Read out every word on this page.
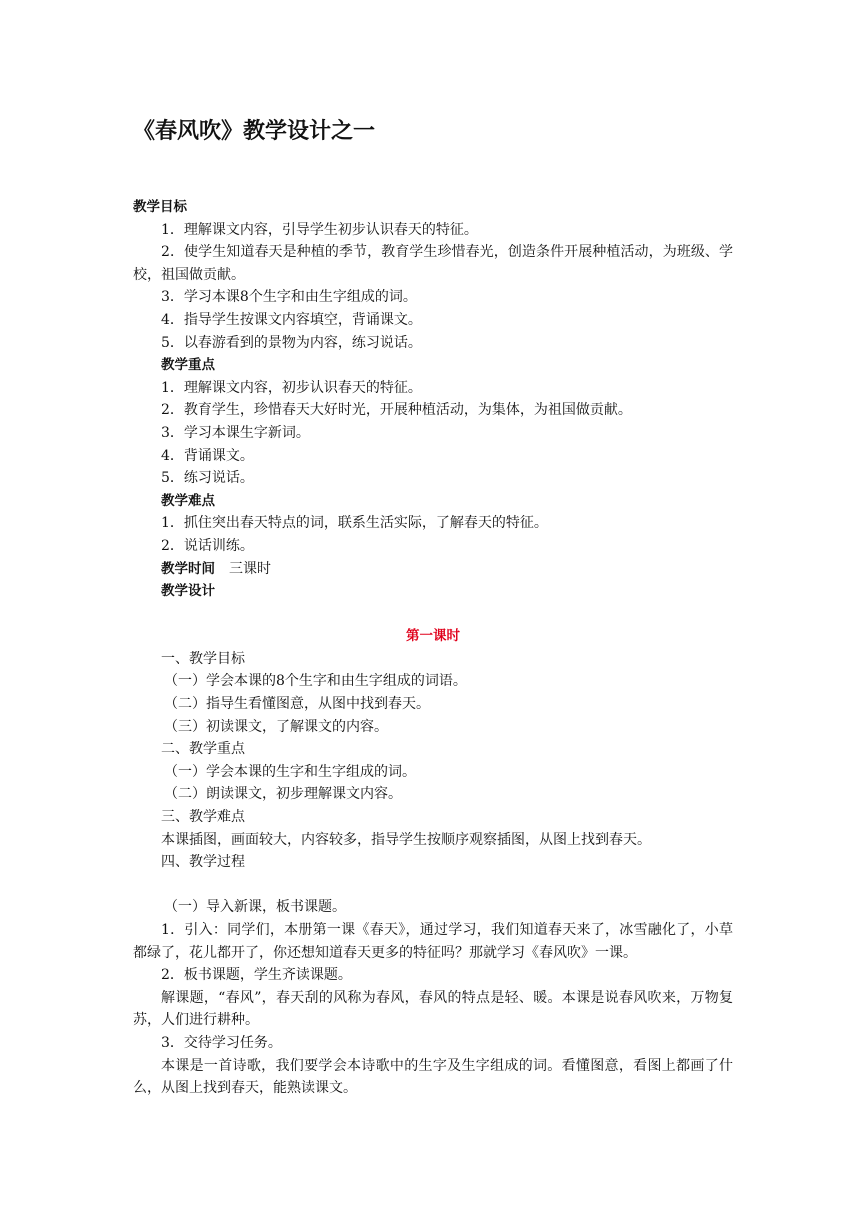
《春风吹》教学设计之一
教学目标
1．理解课文内容，引导学生初步认识春天的特征。
2．使学生知道春天是种植的季节，教育学生珍惜春光，创造条件开展种植活动，为班级、学校，祖国做贡献。
3．学习本课8个生字和由生字组成的词。
4．指导学生按课文内容填空，背诵课文。
5．以春游看到的景物为内容，练习说话。
教学重点
1．理解课文内容，初步认识春天的特征。
2．教育学生，珍惜春天大好时光，开展种植活动，为集体，为祖国做贡献。
3．学习本课生字新词。
4．背诵课文。
5．练习说话。
教学难点
1．抓住突出春天特点的词，联系生活实际，了解春天的特征。
2．说话训练。
教学时间 三课时
教学设计
第一课时
一、教学目标
（一）学会本课的8个生字和由生字组成的词语。
（二）指导生看懂图意，从图中找到春天。
（三）初读课文，了解课文的内容。
二、教学重点
（一）学会本课的生字和生字组成的词。
（二）朗读课文，初步理解课文内容。
三、教学难点
本课插图，画面较大，内容较多，指导学生按顺序观察插图，从图上找到春天。
四、教学过程
（一）导入新课，板书课题。
1．引入：同学们，本册第一课《春天》，通过学习，我们知道春天来了，冰雪融化了，小草都绿了，花儿都开了，你还想知道春天更多的特征吗？那就学习《春风吹》一课。
2．板书课题，学生齐读课题。
解课题，“春风”，春天刮的风称为春风，春风的特点是轻、暖。本课是说春风吹来，万物复苏，人们进行耕种。
3．交待学习任务。
本课是一首诗歌，我们要学会本诗歌中的生字及生字组成的词。看懂图意，看图上都画了什么，从图上找到春天，能熟读课文。
